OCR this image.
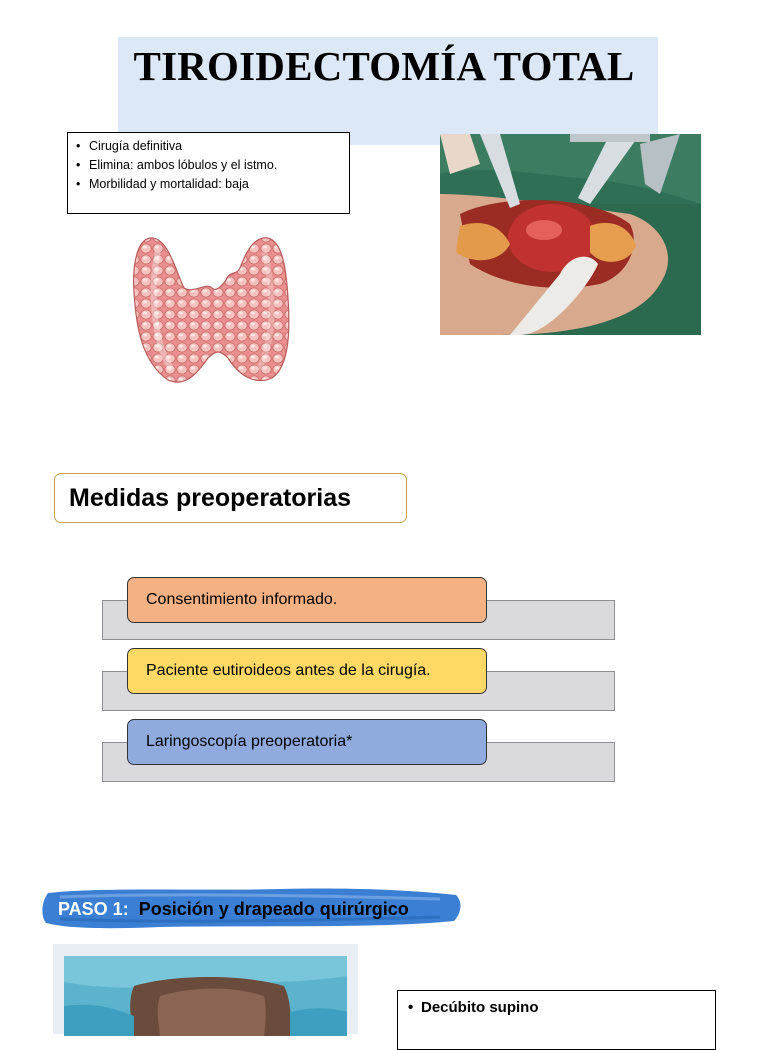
TIROIDECTOMÍA TOTAL
• Cirugía definitiva
• Elimina: ambos lóbulos y el istmo.
• Morbilidad y mortalidad: baja
Medidas preoperatorias
Consentimiento informado.
Paciente eutiroideos antes de la cirugía.
Laringoscopía preoperatoria*
PASO 1: Posición y drapeado quirúrgico
• Decúbito supino
